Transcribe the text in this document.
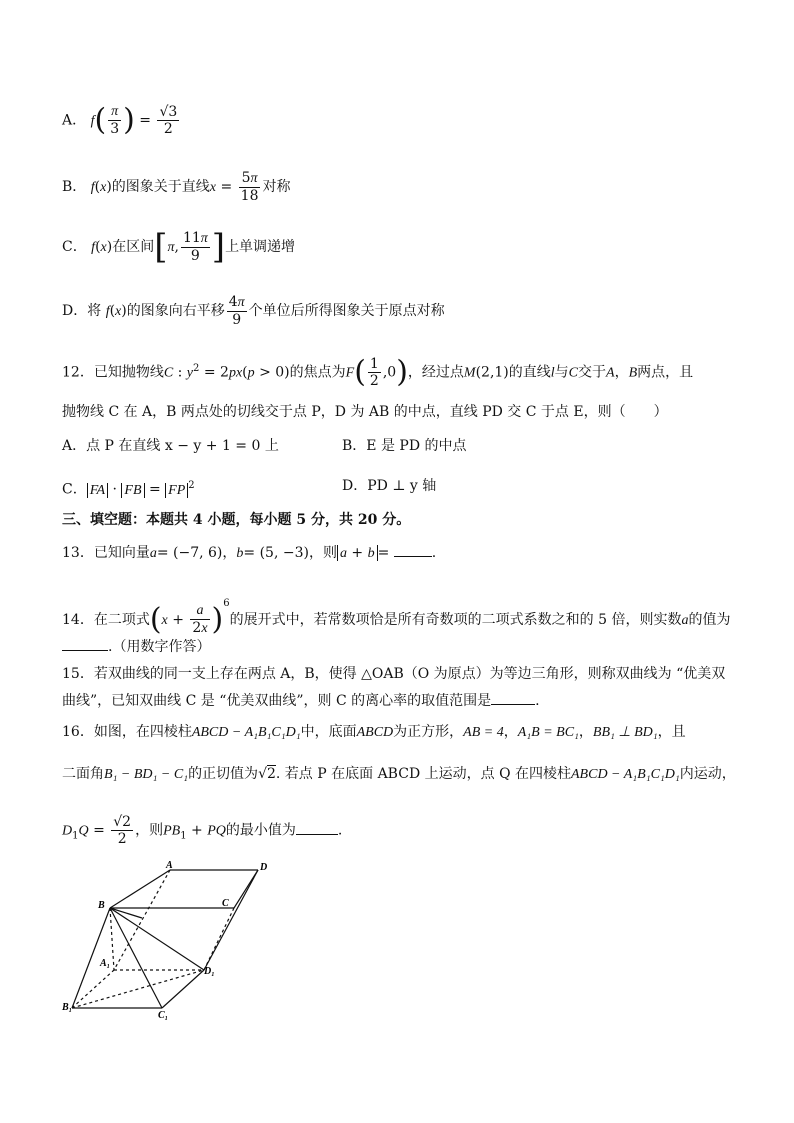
A． $f( \frac{\pi}{3}$ ) = $\frac{√3}{2}$
B． f(x)的图象关于直线$x = \frac{5\pi}{18}$ 对称
C． f(x)在区间[π, $\frac{11\pi}{9}$ ]上单调递增
D．将 f(x)的图象向右平移 $\frac{4\pi}{9}$ 个单位后所得图象关于原点对称
12．已知抛物线C : $y^2 = 2px(p > 0)$的焦点为$F( \frac{1}{2} ,0)$，经过点M(2,1)的直线l与C交于A，B两点，且
抛物线 C 在 A，B 两点处的切线交于点 P，D 为 AB 的中点，直线 PD 交 C 于点 E，则（　　）
A．点 P 在直线 x − y + 1 = 0 上	B．E 是 PD 的中点
C． FA · FB = FP $^2$	D．PD ⊥ y 轴
三、填空题：本题共 4 小题，每小题 5 分，共 20 分。
13．已知向量a= (−7, 6)，b= (5, −3)，则 a + b =	.
14．在二项式$(x + \frac{a}{2x} )^6$的展开式中，若常数项恰是所有奇数项的二项式系数之和的 5 倍，则实数a的值为
.（用数字作答）
15．若双曲线的同一支上存在两点 A，B，使得 △OAB（O 为原点）为等边三角形，则称双曲线为 “优美双
曲线”，已知双曲线 C 是 “优美双曲线”，则 C 的离心率的取值范围是	.
16．如图，在四棱柱ABCD − A₁B₁C₁D₁中，底面ABCD为正方形，AB = 4，A₁B = BC₁，BB₁ ⊥ BD₁，且
二面角B₁ − BD₁ − C₁的正切值为√2. 若点 P 在底面 ABCD 上运动，点 Q 在四棱柱ABCD − A₁B₁C₁D₁内运动，
$D_1Q = \frac{√2}{2}$ ，则$PB_1$ + PQ的最小值为	.
A	D
B	C
A₁
D₁
B₁
C₁
